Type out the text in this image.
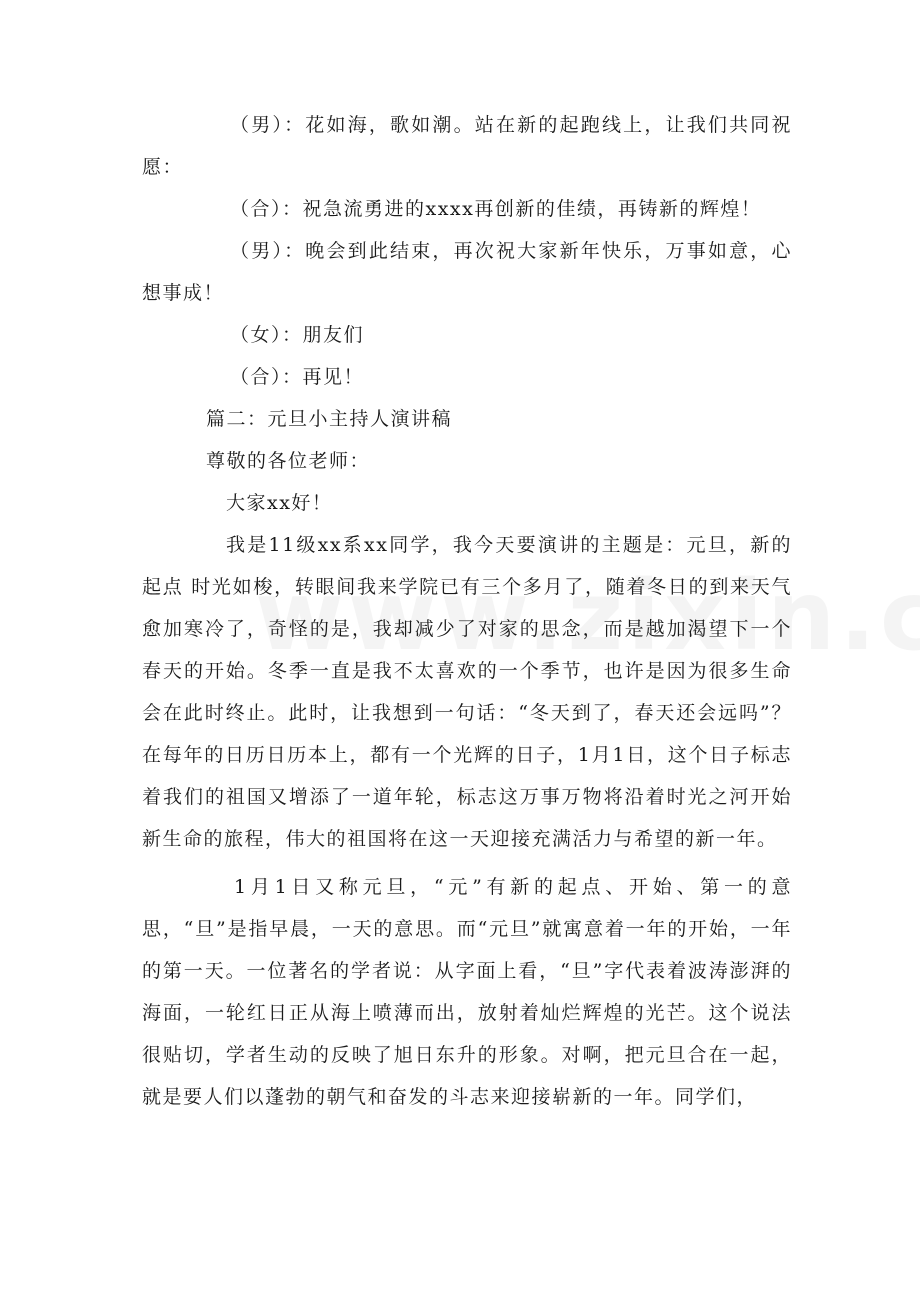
（男）：花如海，歌如潮。站在新的起跑线上，让我们共同祝愿：

（合）：祝急流勇进的xxxx再创新的佳绩，再铸新的辉煌！

（男）：晚会到此结束，再次祝大家新年快乐，万事如意，心想事成！

（女）：朋友们

（合）：再见！

篇二：元旦小主持人演讲稿

尊敬的各位老师：

大家xx好！

我是11级xx系xx同学，我今天要演讲的主题是：元旦，新的起点 时光如梭，转眼间我来学院已有三个多月了，随着冬日的到来天气愈加寒冷了，奇怪的是，我却减少了对家的思念，而是越加渴望下一个春天的开始。冬季一直是我不太喜欢的一个季节，也许是因为很多生命会在此时终止。此时，让我想到一句话：“冬天到了，春天还会远吗”？在每年的日历日历本上，都有一个光辉的日子，1月1日，这个日子标志着我们的祖国又增添了一道年轮，标志这万事万物将沿着时光之河开始新生命的旅程，伟大的祖国将在这一天迎接充满活力与希望的新一年。

1月1日又称元旦，“元”有新的起点、开始、第一的意思，“旦”是指早晨，一天的意思。而“元旦”就寓意着一年的开始，一年的第一天。一位著名的学者说：从字面上看，“旦”字代表着波涛澎湃的海面，一轮红日正从海上喷薄而出，放射着灿烂辉煌的光芒。这个说法很贴切，学者生动的反映了旭日东升的形象。对啊，把元旦合在一起，就是要人们以蓬勃的朝气和奋发的斗志来迎接崭新的一年。同学们，
